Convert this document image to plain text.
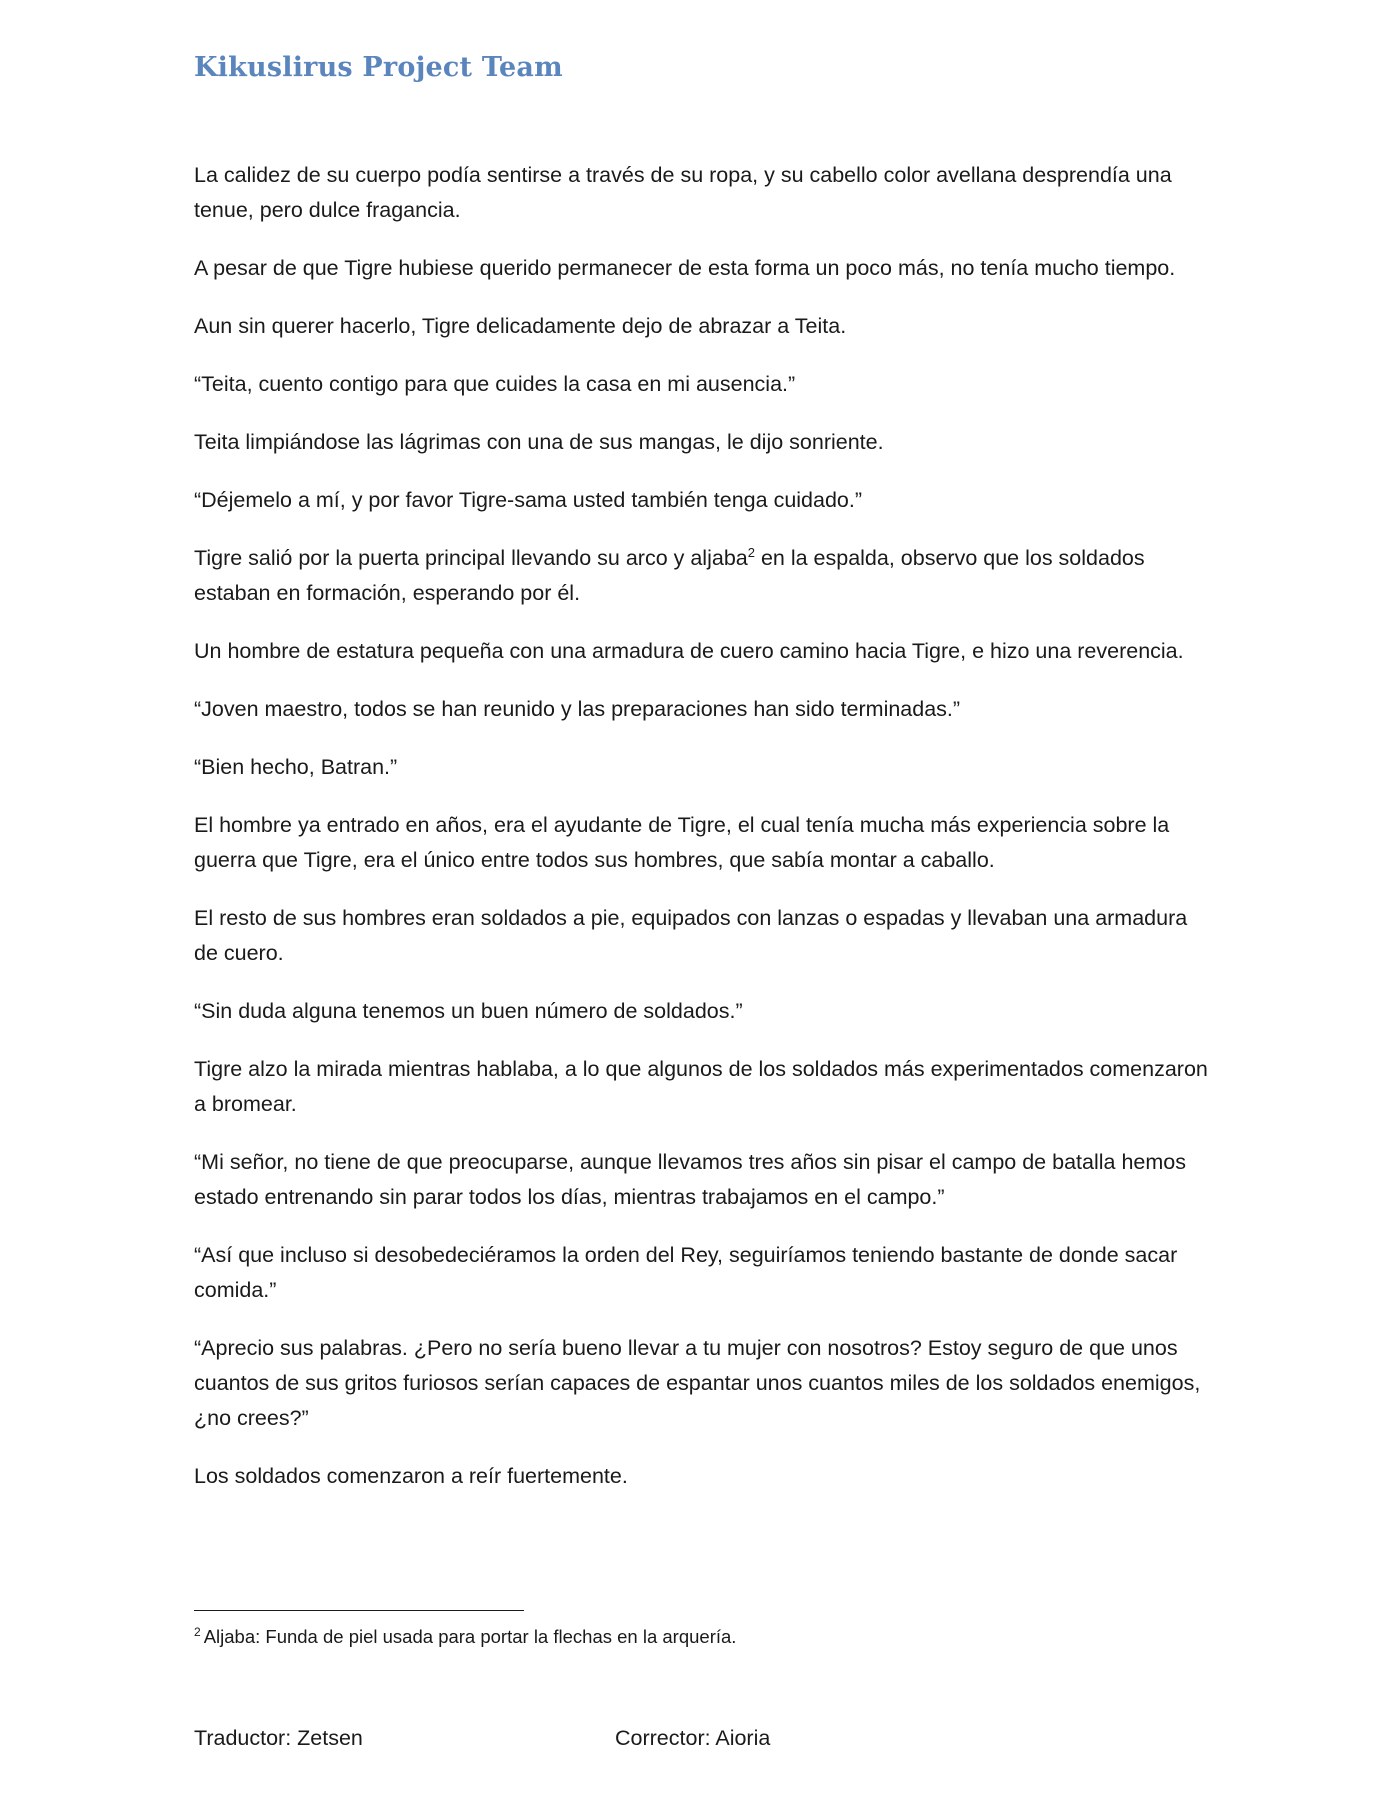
Kikuslirus Project Team

La calidez de su cuerpo podía sentirse a través de su ropa, y su cabello color avellana desprendía una tenue, pero dulce fragancia.

A pesar de que Tigre hubiese querido permanecer de esta forma un poco más, no tenía mucho tiempo.

Aun sin querer hacerlo, Tigre delicadamente dejo de abrazar a Teita.

“Teita, cuento contigo para que cuides la casa en mi ausencia.”

Teita limpiándose las lágrimas con una de sus mangas, le dijo sonriente.

“Déjemelo a mí, y por favor Tigre-sama usted también tenga cuidado.”

Tigre salió por la puerta principal llevando su arco y aljaba$^2$ en la espalda, observo que los soldados estaban en formación, esperando por él.

Un hombre de estatura pequeña con una armadura de cuero camino hacia Tigre, e hizo una reverencia.

“Joven maestro, todos se han reunido y las preparaciones han sido terminadas.”

“Bien hecho, Batran.”

El hombre ya entrado en años, era el ayudante de Tigre, el cual tenía mucha más experiencia sobre la guerra que Tigre, era el único entre todos sus hombres, que sabía montar a caballo.

El resto de sus hombres eran soldados a pie, equipados con lanzas o espadas y llevaban una armadura de cuero.

“Sin duda alguna tenemos un buen número de soldados.”

Tigre alzo la mirada mientras hablaba, a lo que algunos de los soldados más experimentados comenzaron a bromear.

“Mi señor, no tiene de que preocuparse, aunque llevamos tres años sin pisar el campo de batalla hemos estado entrenando sin parar todos los días, mientras trabajamos en el campo.”

“Así que incluso si desobedeciéramos la orden del Rey, seguiríamos teniendo bastante de donde sacar comida.”

“Aprecio sus palabras. ¿Pero no sería bueno llevar a tu mujer con nosotros? Estoy seguro de que unos cuantos de sus gritos furiosos serían capaces de espantar unos cuantos miles de los soldados enemigos, ¿no crees?”

Los soldados comenzaron a reír fuertemente.

$^2$ Aljaba: Funda de piel usada para portar la flechas en la arquería.

Traductor: Zetsen	Corrector: Aioria
